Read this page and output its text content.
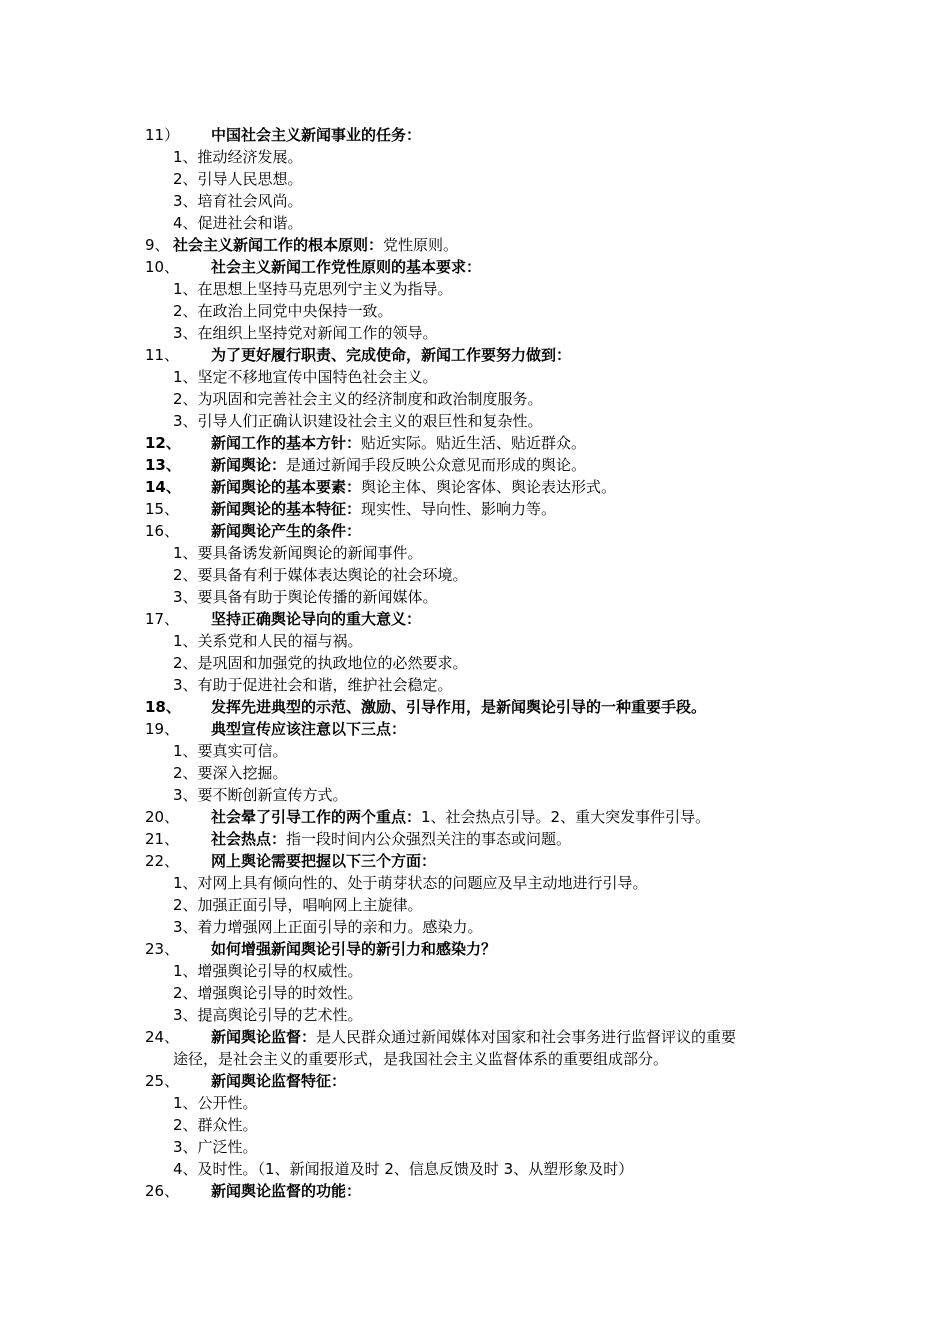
11） 中国社会主义新闻事业的任务：
1、推动经济发展。
2、引导人民思想。
3、培育社会风尚。
4、促进社会和谐。
9、 社会主义新闻工作的根本原则：党性原则。
10、 社会主义新闻工作党性原则的基本要求：
1、在思想上坚持马克思列宁主义为指导。
2、在政治上同党中央保持一致。
3、在组织上坚持党对新闻工作的领导。
11、 为了更好履行职责、完成使命，新闻工作要努力做到：
1、坚定不移地宣传中国特色社会主义。
2、为巩固和完善社会主义的经济制度和政治制度服务。
3、引导人们正确认识建设社会主义的艰巨性和复杂性。
12、 新闻工作的基本方针：贴近实际。贴近生活、贴近群众。
13、 新闻舆论：是通过新闻手段反映公众意见而形成的舆论。
14、 新闻舆论的基本要素：舆论主体、舆论客体、舆论表达形式。
15、 新闻舆论的基本特征：现实性、导向性、影响力等。
16、 新闻舆论产生的条件：
1、要具备诱发新闻舆论的新闻事件。
2、要具备有利于媒体表达舆论的社会环境。
3、要具备有助于舆论传播的新闻媒体。
17、 坚持正确舆论导向的重大意义：
1、关系党和人民的福与祸。
2、是巩固和加强党的执政地位的必然要求。
3、有助于促进社会和谐，维护社会稳定。
18、 发挥先进典型的示范、激励、引导作用，是新闻舆论引导的一种重要手段。
19、 典型宣传应该注意以下三点：
1、要真实可信。
2、要深入挖掘。
3、要不断创新宣传方式。
20、 社会晕了引导工作的两个重点：1、社会热点引导。2、重大突发事件引导。
21、 社会热点：指一段时间内公众强烈关注的事态或问题。
22、 网上舆论需要把握以下三个方面：
1、对网上具有倾向性的、处于萌芽状态的问题应及早主动地进行引导。
2、加强正面引导，唱响网上主旋律。
3、着力增强网上正面引导的亲和力。感染力。
23、 如何增强新闻舆论引导的新引力和感染力？
1、增强舆论引导的权威性。
2、增强舆论引导的时效性。
3、提高舆论引导的艺术性。
24、 新闻舆论监督：是人民群众通过新闻媒体对国家和社会事务进行监督评议的重要
途径，是社会主义的重要形式，是我国社会主义监督体系的重要组成部分。
25、 新闻舆论监督特征：
1、公开性。
2、群众性。
3、广泛性。
4、及时性。（1、新闻报道及时 2、信息反馈及时 3、从塑形象及时）
26、 新闻舆论监督的功能：
